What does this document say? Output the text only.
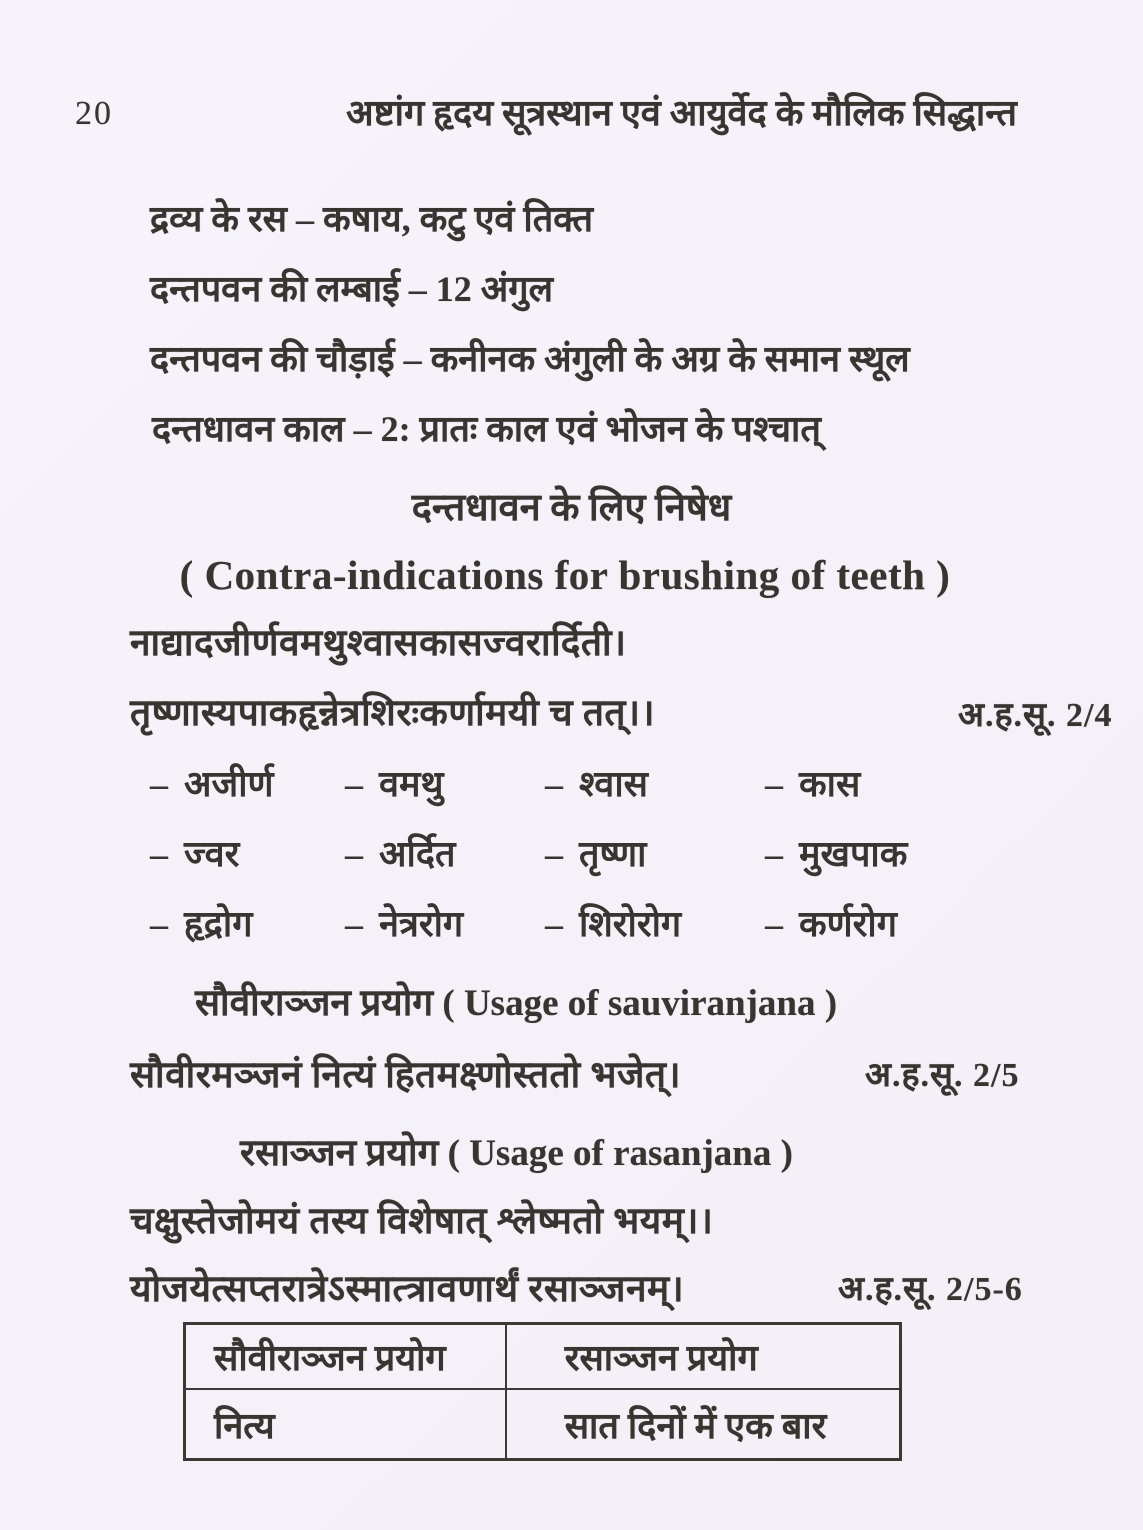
20	अष्टांग हृदय सूत्रस्थान एवं आयुर्वेद के मौलिक सिद्धान्त
द्रव्य के रस – कषाय, कटु एवं तिक्त
दन्तपवन की लम्बाई – 12 अंगुल
दन्तपवन की चौड़ाई – कनीनक अंगुली के अग्र के समान स्थूल
दन्तधावन काल – 2: प्रातः काल एवं भोजन के पश्चात्
दन्तधावन के लिए निषेध
( Contra-indications for brushing of teeth )
नाद्यादजीर्णवमथुश्वासकासज्वरार्दिती।
तृष्णास्यपाकहृन्नेत्रशिरःकर्णामयी च तत्।।	अ.ह.सू. 2/4
– अजीर्ण – वमथु	– श्वास	– कास
– ज्वर	– अर्दित – तृष्णा	– मुखपाक
– हृद्रोग	– नेत्ररोग – शिरोरोग – कर्णरोग
सौवीराञ्जन प्रयोग ( Usage of sauviranjana )
सौवीरमञ्जनं नित्यं हितमक्ष्णोस्ततो भजेत्।	अ.ह.सू. 2/5
रसाञ्जन प्रयोग ( Usage of rasanjana )
चक्षुस्तेजोमयं तस्य विशेषात् श्लेष्मतो भयम्।।
योजयेत्सप्तरात्रेऽस्मात्त्रावणार्थं रसाञ्जनम्।	अ.ह.सू. 2/5-6
सौवीराञ्जन प्रयोग	रसाञ्जन प्रयोग
नित्य	सात दिनों में एक बार
